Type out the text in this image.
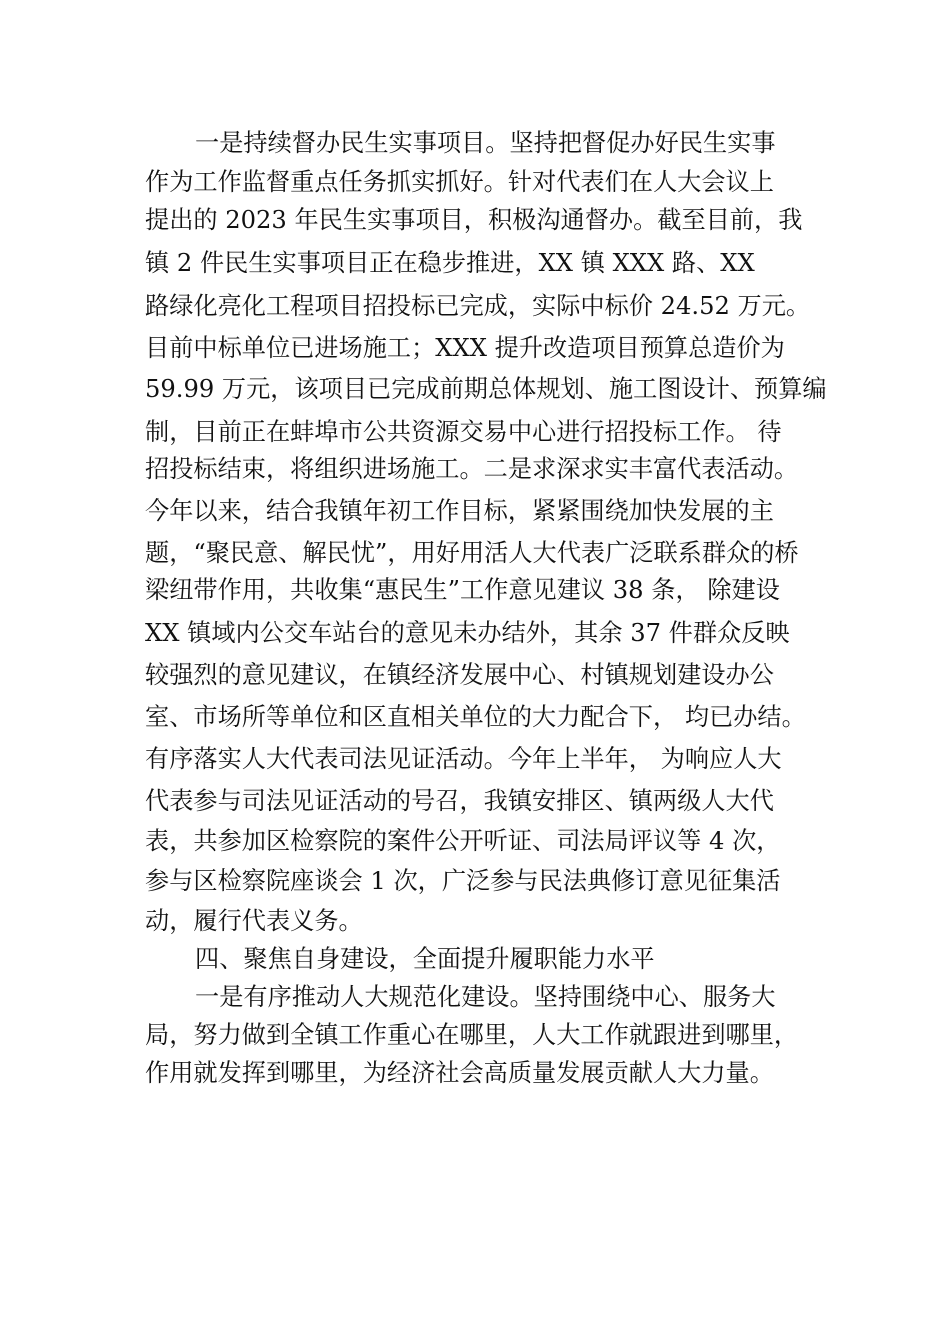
一是持续督办民生实事项目。坚持把督促办好民生实事
作为工作监督重点任务抓实抓好。针对代表们在人大会议上
提出的 2023 年民生实事项目，积极沟通督办。截至目前，我
镇 2 件民生实事项目正在稳步推进，XX 镇 XXX 路、XX
路绿化亮化工程项目招投标已完成，实际中标价 24.52 万元。
目前中标单位已进场施工；XXX 提升改造项目预算总造价为
59.99 万元，该项目已完成前期总体规划、施工图设计、预算编
制，目前正在蚌埠市公共资源交易中心进行招投标工作。 待
招投标结束，将组织进场施工。二是求深求实丰富代表活动。
今年以来，结合我镇年初工作目标，紧紧围绕加快发展的主
题，“聚民意、解民忧”，用好用活人大代表广泛联系群众的桥
梁纽带作用，共收集“惠民生”工作意见建议 38 条， 除建设
XX 镇域内公交车站台的意见未办结外，其余 37 件群众反映
较强烈的意见建议，在镇经济发展中心、村镇规划建设办公
室、市场所等单位和区直相关单位的大力配合下， 均已办结。
有序落实人大代表司法见证活动。今年上半年， 为响应人大
代表参与司法见证活动的号召，我镇安排区、镇两级人大代
表，共参加区检察院的案件公开听证、司法局评议等 4 次，
参与区检察院座谈会 1 次，广泛参与民法典修订意见征集活
动，履行代表义务。
四、聚焦自身建设，全面提升履职能力水平
一是有序推动人大规范化建设。坚持围绕中心、服务大
局，努力做到全镇工作重心在哪里，人大工作就跟进到哪里，
作用就发挥到哪里，为经济社会高质量发展贡献人大力量。
